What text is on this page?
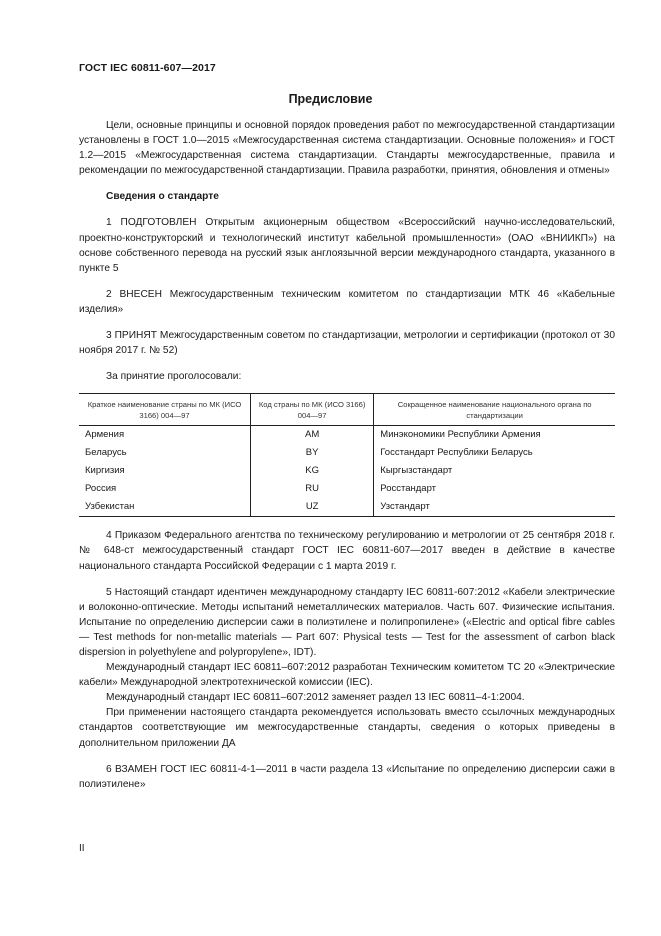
ГОСТ IEC 60811-607—2017
Предисловие

Цели, основные принципы и основной порядок проведения работ по межгосударственной стандартизации установлены в ГОСТ 1.0—2015 «Межгосударственная система стандартизации. Основные положения» и ГОСТ 1.2—2015 «Межгосударственная система стандартизации. Стандарты межгосударственные, правила и рекомендации по межгосударственной стандартизации. Правила разработки, принятия, обновления и отмены»

Сведения о стандарте

1 ПОДГОТОВЛЕН Открытым акционерным обществом «Всероссийский научно-исследовательский, проектно-конструкторский и технологический институт кабельной промышленности» (ОАО «ВНИИКП») на основе собственного перевода на русский язык англоязычной версии международного стандарта, указанного в пункте 5

2 ВНЕСЕН Межгосударственным техническим комитетом по стандартизации МТК 46 «Кабельные изделия»

3 ПРИНЯТ Межгосударственным советом по стандартизации, метрологии и сертификации (протокол от 30 ноября 2017 г. № 52)

За принятие проголосовали:

Краткое наименование страны по МК (ИСО 3166) 004—97	Код страны по МК (ИСО 3166) 004—97	Сокращенное наименование национального органа по стандартизации
Армения	AM	Минэкономики Республики Армения
Беларусь	BY	Госстандарт Республики Беларусь
Киргизия	KG	Кыргызстандарт
Россия	RU	Росстандарт
Узбекистан	UZ	Узстандарт

4 Приказом Федерального агентства по техническому регулированию и метрологии от 25 сентября 2018 г. № 648-ст межгосударственный стандарт ГОСТ IEC 60811-607—2017 введен в действие в качестве национального стандарта Российской Федерации с 1 марта 2019 г.

5 Настоящий стандарт идентичен международному стандарту IEC 60811-607:2012 «Кабели электрические и волоконно-оптические. Методы испытаний неметаллических материалов. Часть 607. Физические испытания. Испытание по определению дисперсии сажи в полиэтилене и полипропилене» («Electric and optical fibre cables — Test methods for non-metallic materials — Part 607: Physical tests — Test for the assessment of carbon black dispersion in polyethylene and polypropylene», IDT).

Международный стандарт IEC 60811–607:2012 разработан Техническим комитетом ТС 20 «Электрические кабели» Международной электротехнической комиссии (IEC).

Международный стандарт IEC 60811–607:2012 заменяет раздел 13 IEC 60811–4-1:2004.

При применении настоящего стандарта рекомендуется использовать вместо ссылочных международных стандартов соответствующие им межгосударственные стандарты, сведения о которых приведены в дополнительном приложении ДА

6 ВЗАМЕН ГОСТ IEC 60811-4-1—2011 в части раздела 13 «Испытание по определению дисперсии сажи в полиэтилене»

II
